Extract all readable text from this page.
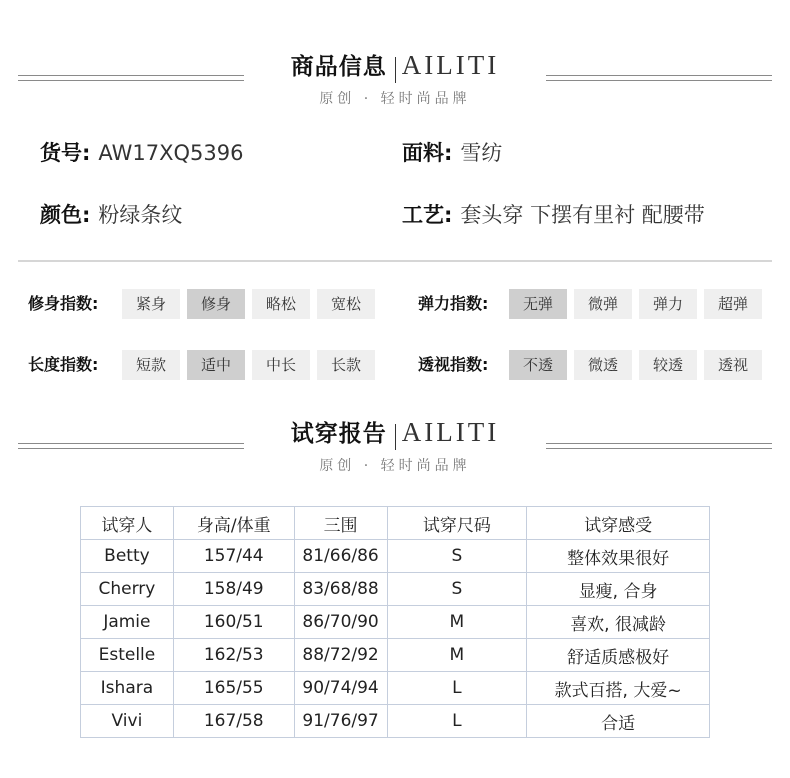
商品信息 AILITI
原创 · 轻时尚品牌
货号: AW17XQ5396	面料: 雪纺
颜色: 粉绿条纹	工艺: 套头穿 下摆有里衬 配腰带
修身指数:	紧身	修身	略松	宽松	弹力指数:	无弹	微弹	弹力	超弹
长度指数:	短款	适中	中长	长款	透视指数:	不透	微透	较透	透视
试穿报告 AILITI
原创 · 轻时尚品牌
试穿人	身高/体重	三围	试穿尺码	试穿感受
Betty	157/44	81/66/86	S	整体效果很好
Cherry	158/49	83/68/88	S	显瘦, 合身
Jamie	160/51	86/70/90	M	喜欢, 很减龄
Estelle	162/53	88/72/92	M	舒适质感极好
Ishara	165/55	90/74/94	L	款式百搭, 大爱~
Vivi	167/58	91/76/97	L	合适
